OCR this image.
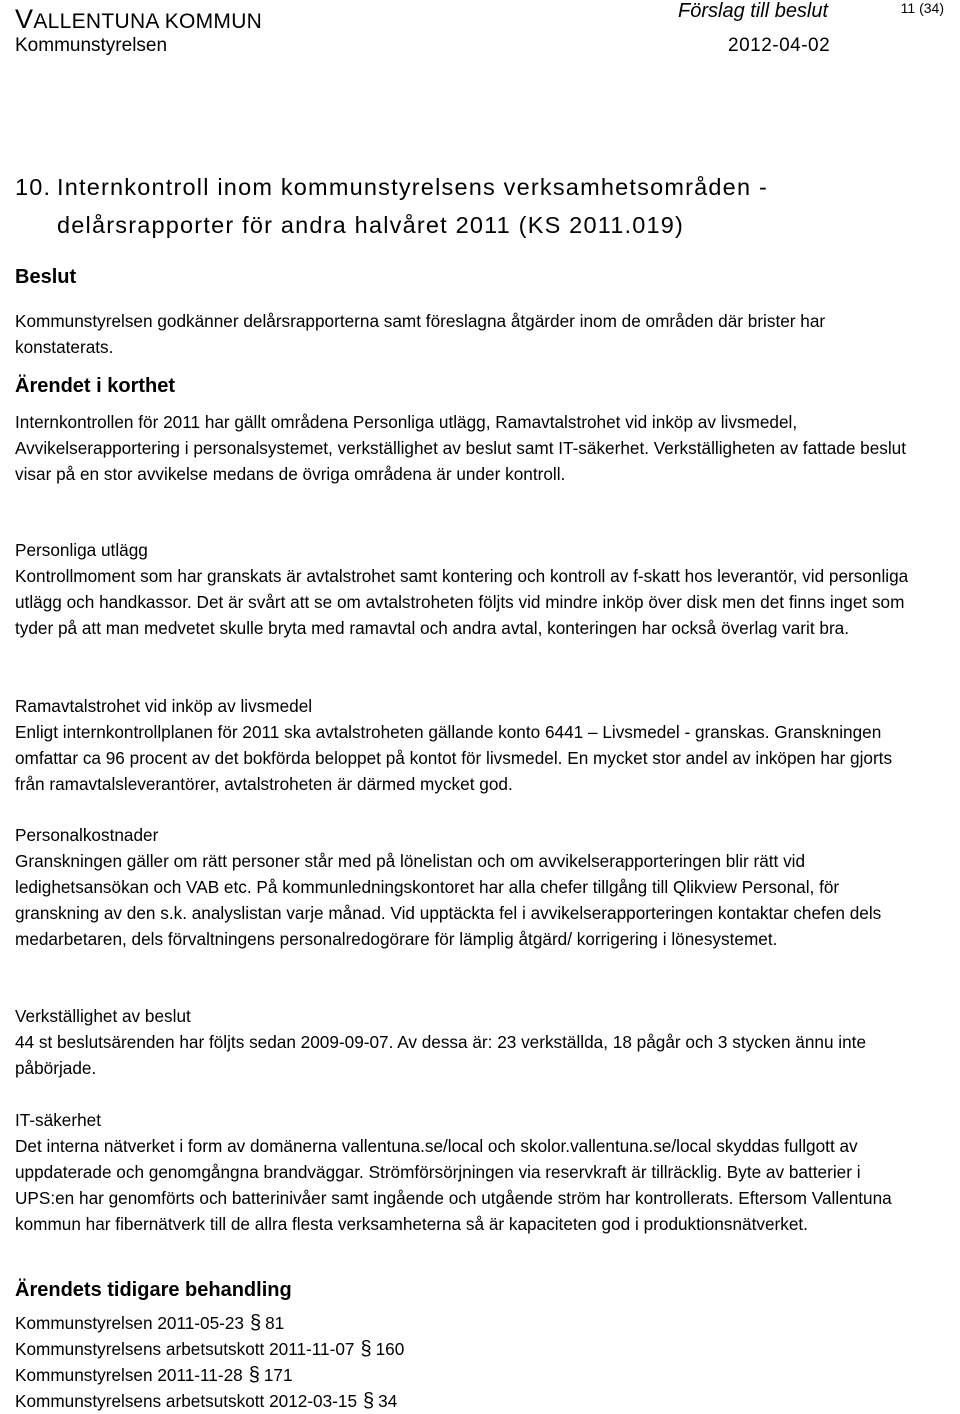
VALLENTUNA KOMMUN	Förslag till beslut	11 (34)
Kommunstyrelsen	2012-04-02
10. Internkontroll inom kommunstyrelsens verksamhetsområden -
delårsrapporter för andra halvåret 2011 (KS 2011.019)
Beslut

Kommunstyrelsen godkänner delårsrapporterna samt föreslagna åtgärder inom de områden där brister har konstaterats.

Ärendet i korthet

Internkontrollen för 2011 har gällt områdena Personliga utlägg, Ramavtalstrohet vid inköp av livsmedel, Avvikelserapportering i personalsystemet, verkställighet av beslut samt IT-säkerhet. Verkställigheten av fattade beslut visar på en stor avvikelse medans de övriga områdena är under kontroll.

Personliga utlägg

Kontrollmoment som har granskats är avtalstrohet samt kontering och kontroll av f-skatt hos leverantör, vid personliga utlägg och handkassor. Det är svårt att se om avtalstroheten följts vid mindre inköp över disk men det finns inget som tyder på att man medvetet skulle bryta med ramavtal och andra avtal, konteringen har också överlag varit bra.

Ramavtalstrohet vid inköp av livsmedel

Enligt internkontrollplanen för 2011 ska avtalstroheten gällande konto 6441 – Livsmedel - granskas. Granskningen omfattar ca 96 procent av det bokförda beloppet på kontot för livsmedel. En mycket stor andel av inköpen har gjorts från ramavtalsleverantörer, avtalstroheten är därmed mycket god.

Personalkostnader

Granskningen gäller om rätt personer står med på lönelistan och om avvikelserapporteringen blir rätt vid ledighetsansökan och VAB etc. På kommunledningskontoret har alla chefer tillgång till Qlikview Personal, för granskning av den s.k. analyslistan varje månad. Vid upptäckta fel i avvikelserapporteringen kontaktar chefen dels medarbetaren, dels förvaltningens personalredogörare för lämplig åtgärd/ korrigering i lönesystemet.

Verkställighet av beslut

44 st beslutsärenden har följts sedan 2009-09-07. Av dessa är: 23 verkställda, 18 pågår och 3 stycken ännu inte påbörjade.

IT-säkerhet

Det interna nätverket i form av domänerna vallentuna.se/local och skolor.vallentuna.se/local skyddas fullgott av uppdaterade och genomgångna brandväggar. Strömförsörjningen via reservkraft är tillräcklig. Byte av batterier i UPS:en har genomförts och batterinivåer samt ingående och utgående ström har kontrollerats. Eftersom Vallentuna kommun har fibernätverk till de allra flesta verksamheterna så är kapaciteten god i produktionsnätverket.

Ärendets tidigare behandling
Kommunstyrelsen 2011-05-23 § 81
Kommunstyrelsens arbetsutskott 2011-11-07 § 160
Kommunstyrelsen 2011-11-28 § 171
Kommunstyrelsens arbetsutskott 2012-03-15 § 34
